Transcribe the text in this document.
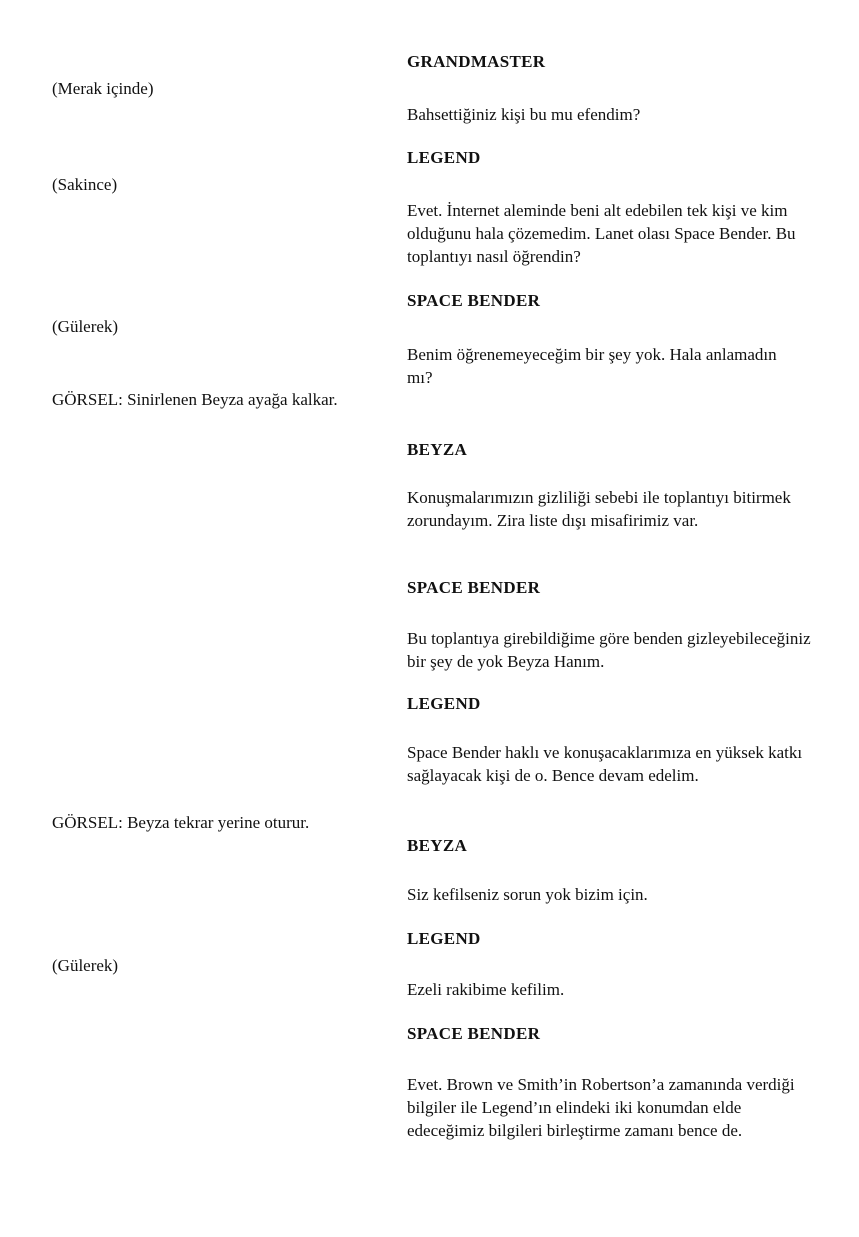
(Merak içinde)
(Sakince)
(Gülerek)
GÖRSEL: Sinirlenen Beyza ayağa kalkar.
GÖRSEL: Beyza tekrar yerine oturur.
(Gülerek)
GRANDMASTER
Bahsettiğiniz kişi bu mu efendim?
LEGEND
Evet. İnternet aleminde beni alt edebilen tek kişi ve kim olduğunu hala çözemedim. Lanet olası Space Bender. Bu toplantıyı nasıl öğrendin?
SPACE BENDER
Benim öğrenemeyeceğim bir şey yok. Hala anlamadın mı?
BEYZA
Konuşmalarımızın gizliliği sebebi ile toplantıyı bitirmek zorundayım. Zira liste dışı misafirimiz var.
SPACE BENDER
Bu toplantıya girebildiğime göre benden gizleyebileceğiniz bir şey de yok Beyza Hanım.
LEGEND
Space Bender haklı ve konuşacaklarımıza en yüksek katkı sağlayacak kişi de o. Bence devam edelim.
BEYZA
Siz kefilseniz sorun yok bizim için.
LEGEND
Ezeli rakibime kefilim.
SPACE BENDER
Evet. Brown ve Smith’in Robertson’a zamanında verdiği bilgiler ile Legend’ın elindeki iki konumdan elde edeceğimiz bilgileri birleştirme zamanı bence de.
